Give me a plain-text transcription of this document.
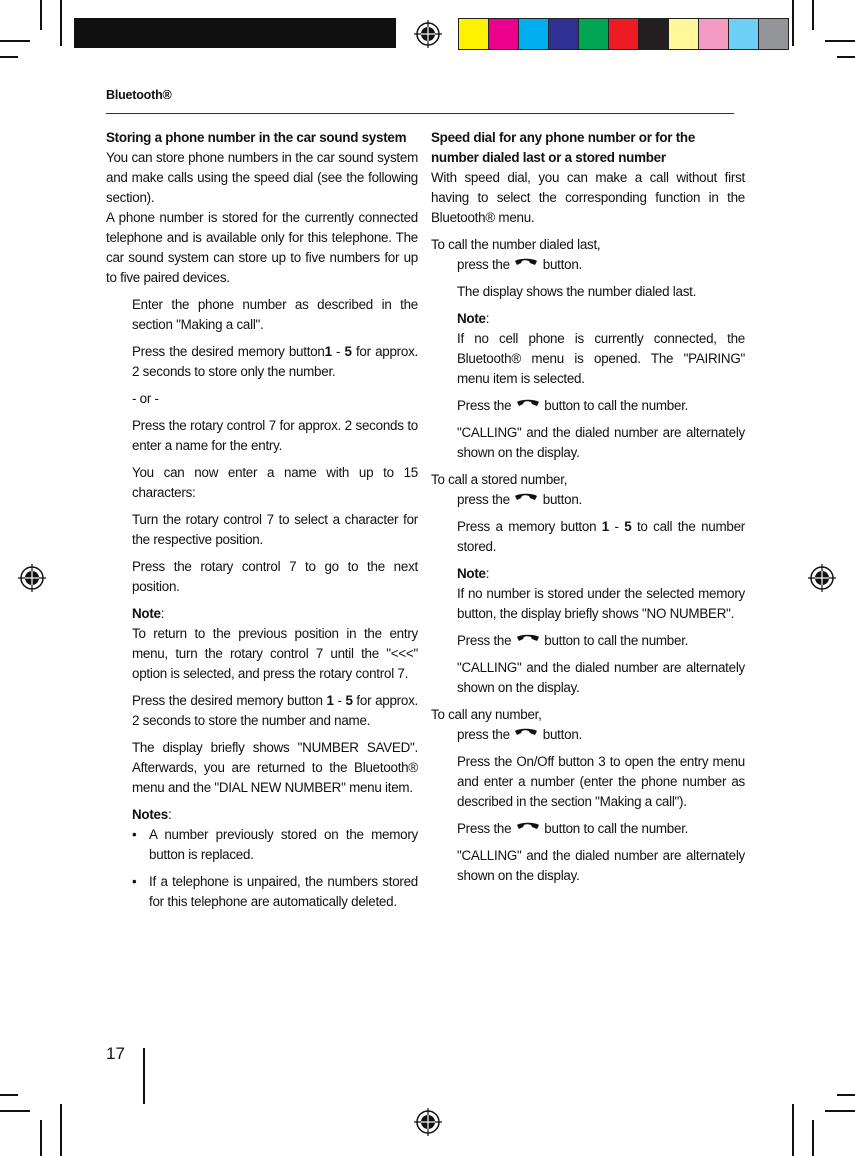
Bluetooth®
Storing a phone number in the car sound system

You can store phone numbers in the car sound system and make calls using the speed dial (see the following section).

A phone number is stored for the currently connected telephone and is available only for this telephone. The car sound system can store up to five numbers for up to five paired devices.

Enter the phone number as described in the section "Making a call".

Press the desired memory button1 - 5 for approx. 2 seconds to store only the number.

- or -

Press the rotary control 7 for approx. 2 seconds to enter a name for the entry.

You can now enter a name with up to 15 characters:

Turn the rotary control 7 to select a character for the respective position.

Press the rotary control 7 to go to the next position.

Note:

To return to the previous position in the entry menu, turn the rotary control 7 until the "<<<" option is selected, and press the rotary control 7.

Press the desired memory button 1 - 5 for approx. 2 seconds to store the number and name.

The display briefly shows "NUMBER SAVED". Afterwards, you are returned to the Bluetooth® menu and the "DIAL NEW NUMBER" menu item.

Notes:

• A number previously stored on the memory button is replaced.

• If a telephone is unpaired, the numbers stored for this telephone are automatically deleted.

Speed dial for any phone number or for the number dialed last or a stored number

With speed dial, you can make a call without first having to select the corresponding function in the Bluetooth® menu.

To call the number dialed last,

press the  button.

The display shows the number dialed last.

Note:

If no cell phone is currently connected, the Bluetooth® menu is opened. The "PAIRING" menu item is selected.

Press the  button to call the number.

"CALLING" and the dialed number are alternately shown on the display.

To call a stored number,

press the  button.

Press a memory button 1 - 5 to call the number stored.

Note:

If no number is stored under the selected memory button, the display briefly shows "NO NUMBER".

Press the  button to call the number.

"CALLING" and the dialed number are alternately shown on the display.

To call any number,

press the  button.

Press the On/Off button 3 to open the entry menu and enter a number (enter the phone number as described in the section "Making a call").

Press the  button to call the number.

"CALLING" and the dialed number are alternately shown on the display.

17
